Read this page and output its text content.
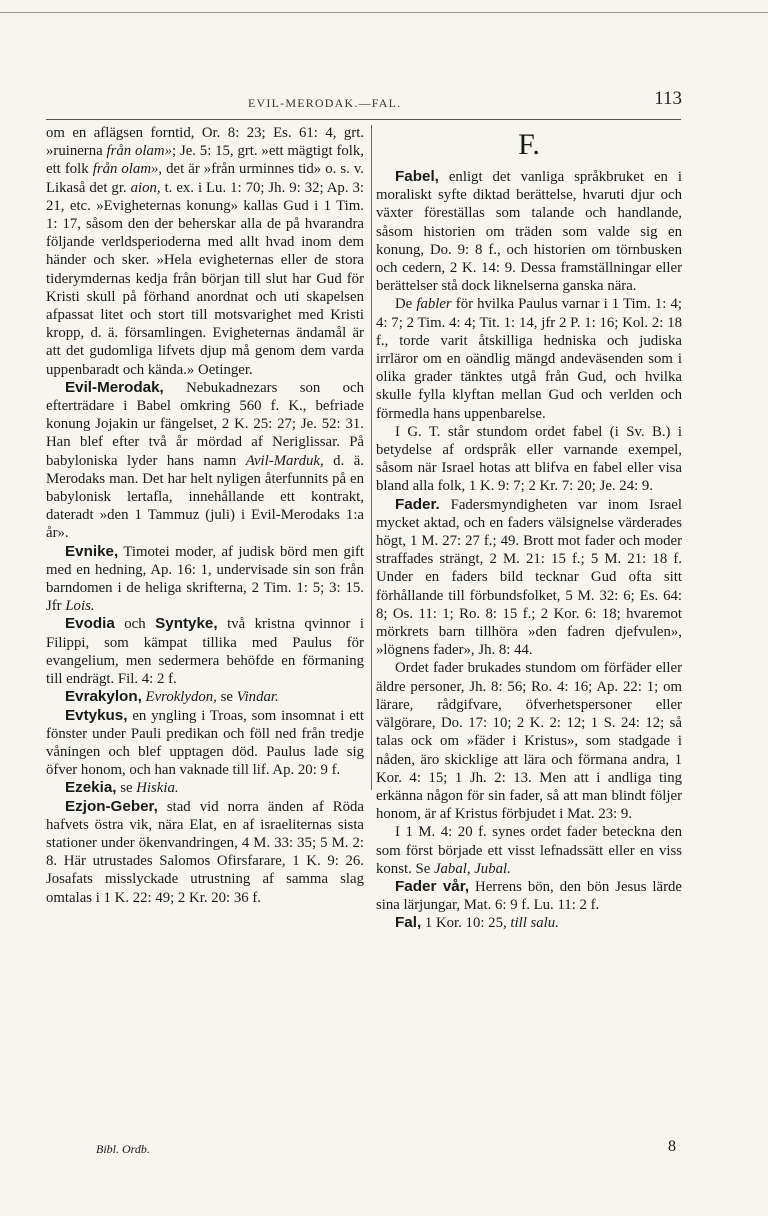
EVIL-MERODAK.—FAL.	113

om en aflägsen forntid, Or. 8: 23; Es. 61: 4, grt. »ruinerna från olam»; Je. 5: 15, grt. »ett mägtigt folk, ett folk från olam», det är »från urminnes tid» o. s. v. Likaså det gr. aion, t. ex. i Lu. 1: 70; Jh. 9: 32; Ap. 3: 21, etc. »Evigheternas konung» kallas Gud i 1 Tim. 1: 17, såsom den der beherskar alla de på hvarandra följande verldsperioderna med allt hvad inom dem händer och sker. »Hela evigheternas eller de stora tiderymdernas kedja från början till slut har Gud för Kristi skull på förhand anordnat och uti skapelsen afpassat litet och stort till motsvarighet med Kristi kropp, d. ä. församlingen. Evigheternas ändamål är att det gudomliga lifvets djup må genom dem varda uppenbaradt och kända.» Oetinger.

Evil-Merodak, Nebukadnezars son och efterträdare i Babel omkring 560 f. K., befriade konung Jojakin ur fängelset, 2 K. 25: 27; Je. 52: 31. Han blef efter två år mördad af Neriglissar. På babyloniska lyder hans namn Avil-Marduk, d. ä. Merodaks man. Det har helt nyligen återfunnits på en babylonisk lertafla, innehållande ett kontrakt, dateradt »den 1 Tammuz (juli) i Evil-Merodaks 1:a år».

Evnike, Timotei moder, af judisk börd men gift med en hedning, Ap. 16: 1, undervisade sin son från barndomen i de heliga skrifterna, 2 Tim. 1: 5; 3: 15. Jfr Lois.

Evodia och Syntyke, två kristna qvinnor i Filippi, som kämpat tillika med Paulus för evangelium, men sedermera behöfde en förmaning till endrägt. Fil. 4: 2 f.

Evrakylon, Evroklydon, se Vindar.

Evtykus, en yngling i Troas, som insomnat i ett fönster under Pauli predikan och föll ned från tredje våningen och blef upptagen död. Paulus lade sig öfver honom, och han vaknade till lif. Ap. 20: 9 f.

Ezekia, se Hiskia.

Ezjon-Geber, stad vid norra änden af Röda hafvets östra vik, nära Elat, en af israeliternas sista stationer under ökenvandringen, 4 M. 33: 35; 5 M. 2: 8. Här utrustades Salomos Ofirsfarare, 1 K. 9: 26. Josafats misslyckade utrustning af samma slag omtalas i 1 K. 22: 49; 2 Kr. 20: 36 f.

F.

Fabel, enligt det vanliga språkbruket en i moraliskt syfte diktad berättelse, hvaruti djur och växter föreställas som talande och handlande, såsom historien om träden som valde sig en konung, Do. 9: 8 f., och historien om törnbusken och cedern, 2 K. 14: 9. Dessa framställningar eller berättelser stå dock liknelserna ganska nära.

De fabler för hvilka Paulus varnar i 1 Tim. 1: 4; 4: 7; 2 Tim. 4: 4; Tit. 1: 14, jfr 2 P. 1: 16; Kol. 2: 18 f., torde varit åtskilliga hedniska och judiska irrläror om en oändlig mängd andeväsenden som i olika grader tänktes utgå från Gud, och hvilka skulle fylla klyftan mellan Gud och verlden och förmedla hans uppenbarelse.

I G. T. står stundom ordet fabel (i Sv. B.) i betydelse af ordspråk eller varnande exempel, såsom när Israel hotas att blifva en fabel eller visa bland alla folk, 1 K. 9: 7; 2 Kr. 7: 20; Je. 24: 9.

Fader. Fadersmyndigheten var inom Israel mycket aktad, och en faders välsignelse värderades högt, 1 M. 27: 27 f.; 49. Brott mot fader och moder straffades strängt, 2 M. 21: 15 f.; 5 M. 21: 18 f. Under en faders bild tecknar Gud ofta sitt förhållande till förbundsfolket, 5 M. 32: 6; Es. 64: 8; Os. 11: 1; Ro. 8: 15 f.; 2 Kor. 6: 18; hvaremot mörkrets barn tillhöra »den fadren djefvulen», »lögnens fader», Jh. 8: 44.

Ordet fader brukades stundom om förfäder eller äldre personer, Jh. 8: 56; Ro. 4: 16; Ap. 22: 1; om lärare, rådgifvare, öfverhetspersoner eller välgörare, Do. 17: 10; 2 K. 2: 12; 1 S. 24: 12; så talas ock om »fäder i Kristus», som stadgade i nåden, äro skicklige att lära och förmana andra, 1 Kor. 4: 15; 1 Jh. 2: 13. Men att i andliga ting erkänna någon för sin fader, så att man blindt följer honom, är af Kristus förbjudet i Mat. 23: 9.

I 1 M. 4: 20 f. synes ordet fader beteckna den som först började ett visst lefnadssätt eller en viss konst. Se Jabal, Jubal.

Fader vår, Herrens bön, den bön Jesus lärde sina lärjungar, Mat. 6: 9 f. Lu. 11: 2 f.

Fal, 1 Kor. 10: 25, till salu.

Bibl. Ordb.	8
